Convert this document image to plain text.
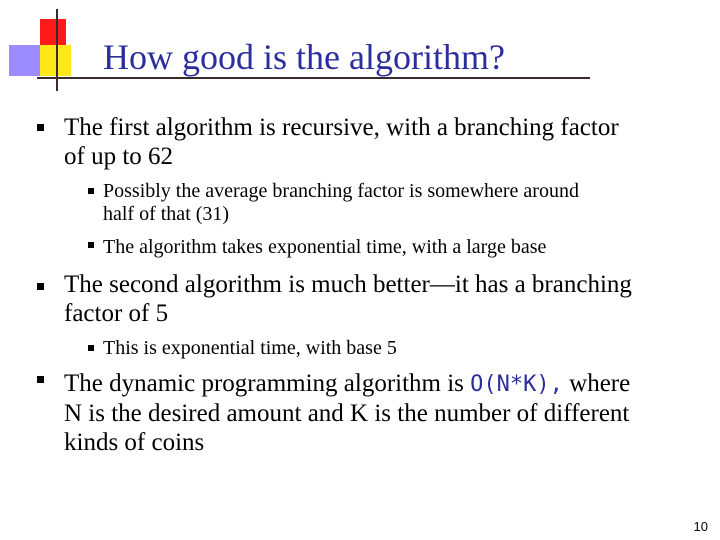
How good is the algorithm?
The first algorithm is recursive, with a branching factor
of up to 62
Possibly the average branching factor is somewhere around
half of that (31)
The algorithm takes exponential time, with a large base
The second algorithm is much better—it has a branching
factor of 5
This is exponential time, with base 5
The dynamic programming algorithm is O(N*K), where
N is the desired amount and K is the number of different
kinds of coins
10
